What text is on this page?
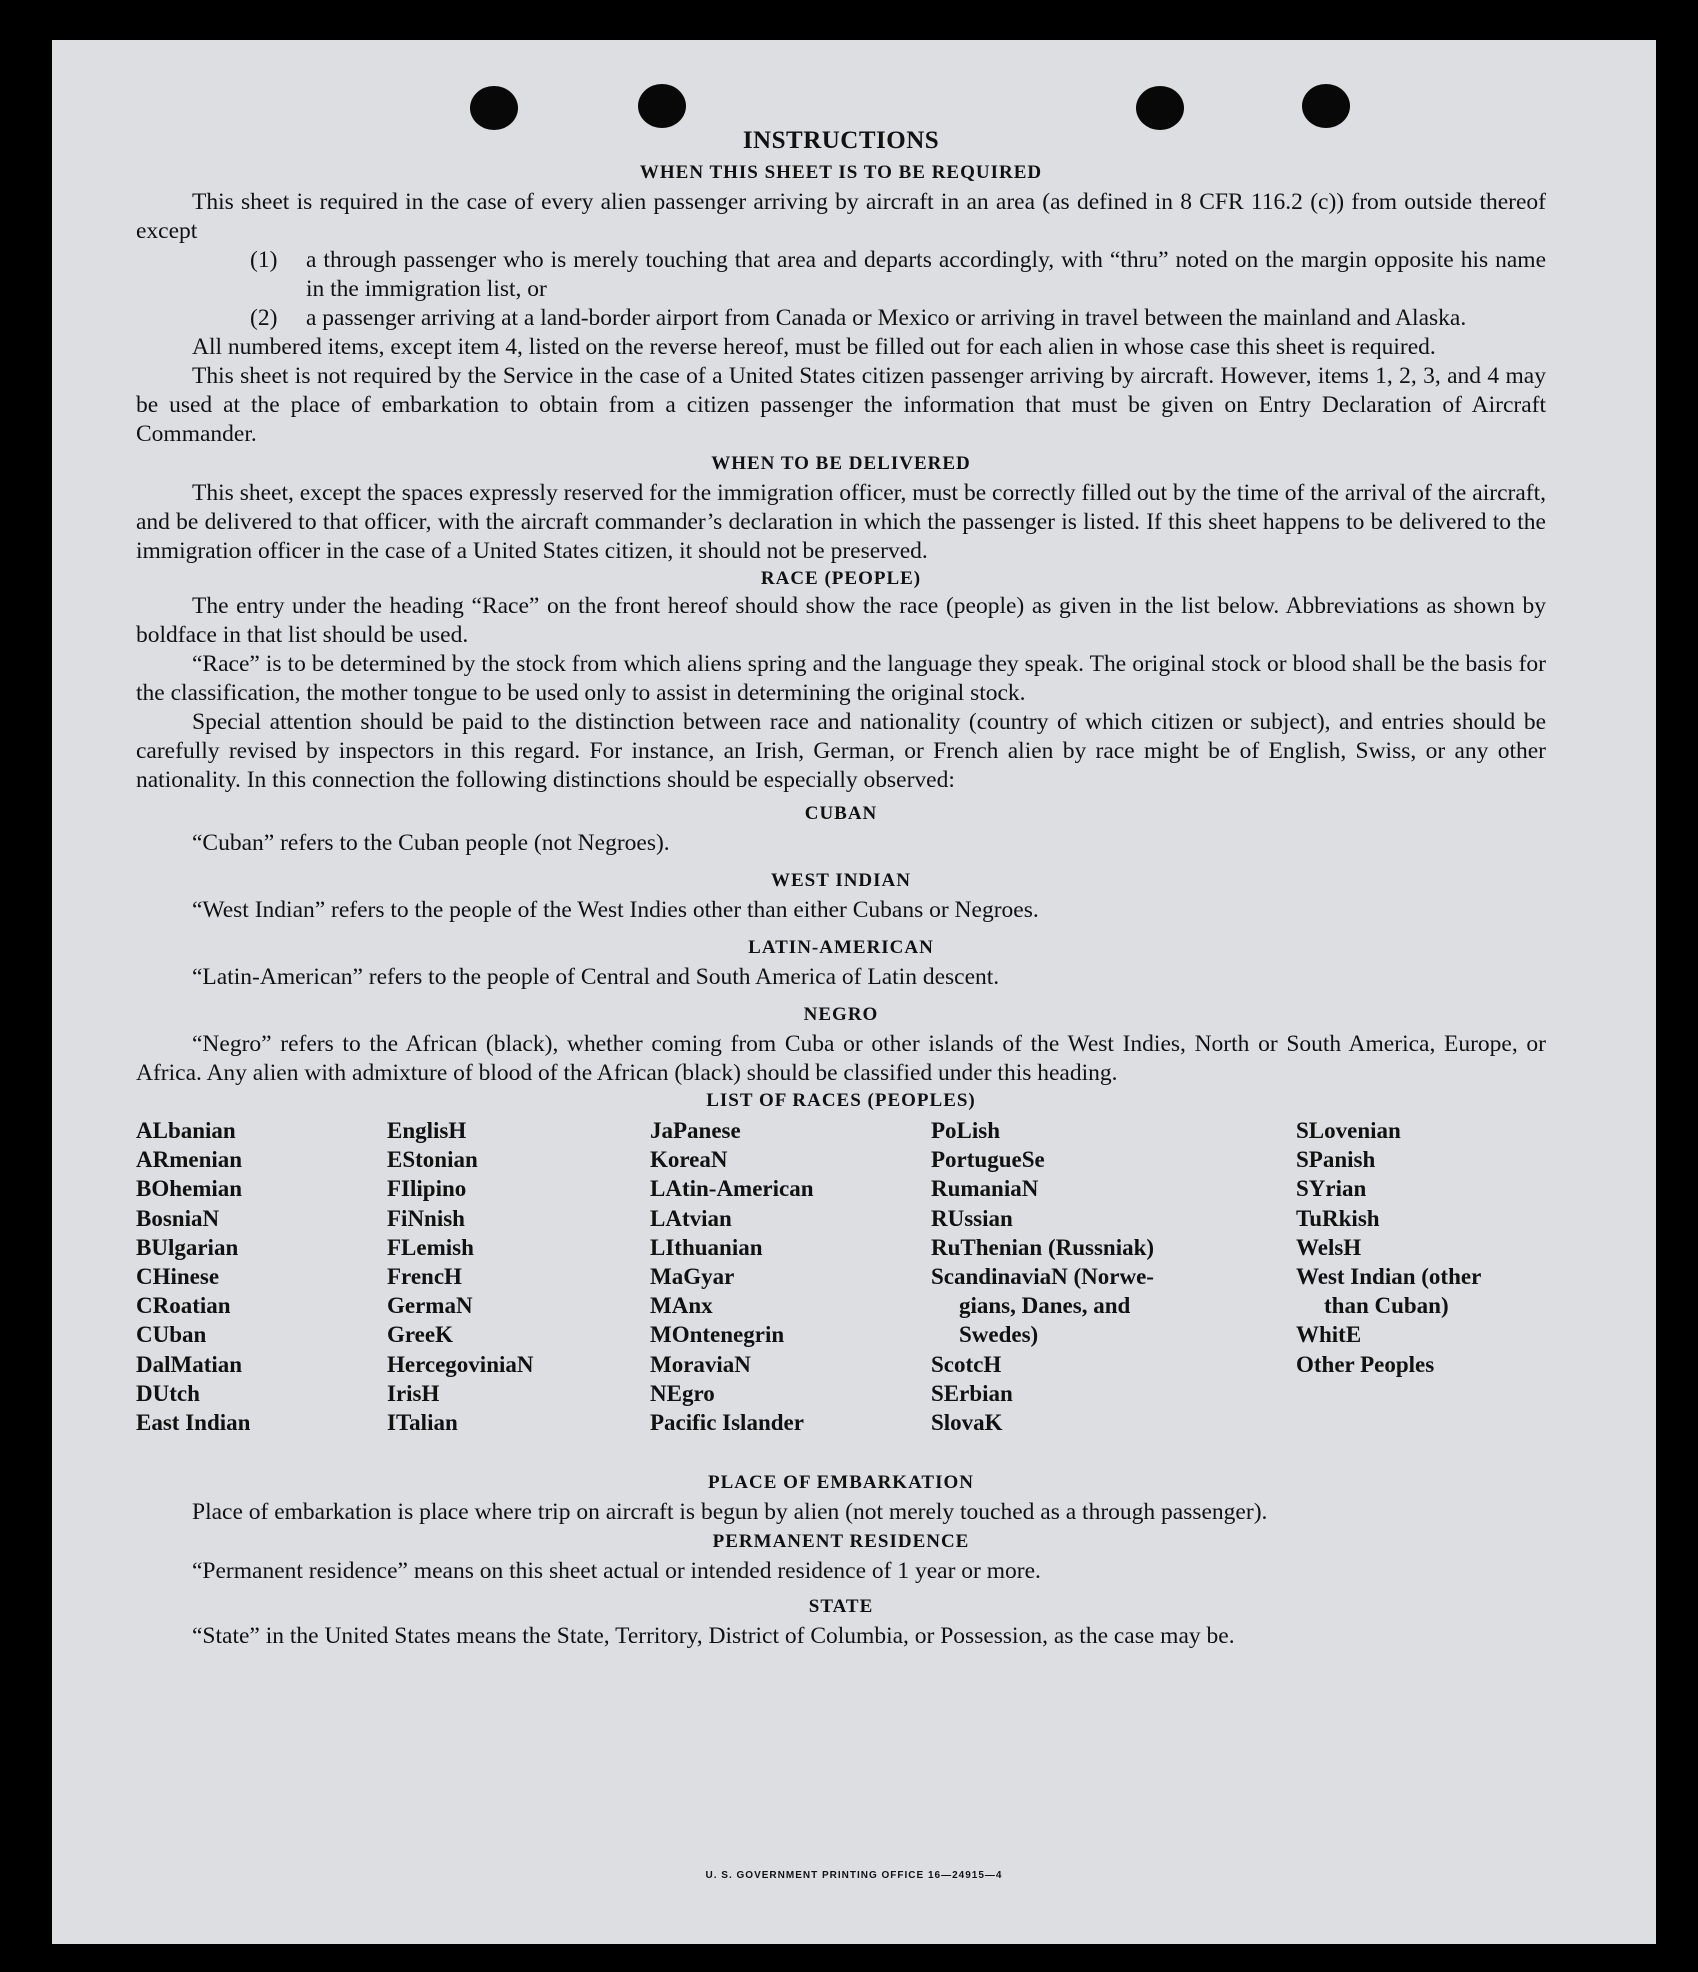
INSTRUCTIONS
WHEN THIS SHEET IS TO BE REQUIRED

This sheet is required in the case of every alien passenger arriving by aircraft in an area (as defined in 8 CFR 116.2 (c)) from outside thereof except

(1) a through passenger who is merely touching that area and departs accordingly, with “thru” noted on the margin opposite his name in the immigration list, or

(2) a passenger arriving at a land-border airport from Canada or Mexico or arriving in travel between the mainland and Alaska.

All numbered items, except item 4, listed on the reverse hereof, must be filled out for each alien in whose case this sheet is required.

This sheet is not required by the Service in the case of a United States citizen passenger arriving by aircraft. However, items 1, 2, 3, and 4 may be used at the place of embarkation to obtain from a citizen passenger the information that must be given on Entry Declaration of Aircraft Commander.

WHEN TO BE DELIVERED

This sheet, except the spaces expressly reserved for the immigration officer, must be correctly filled out by the time of the arrival of the aircraft, and be delivered to that officer, with the aircraft commander’s declaration in which the passenger is listed. If this sheet happens to be delivered to the immigration officer in the case of a United States citizen, it should not be preserved.

RACE (PEOPLE)

The entry under the heading “Race” on the front hereof should show the race (people) as given in the list below. Abbreviations as shown by boldface in that list should be used.

“Race” is to be determined by the stock from which aliens spring and the language they speak. The original stock or blood shall be the basis for the classification, the mother tongue to be used only to assist in determining the original stock.

Special attention should be paid to the distinction between race and nationality (country of which citizen or subject), and entries should be carefully revised by inspectors in this regard. For instance, an Irish, German, or French alien by race might be of English, Swiss, or any other nationality. In this connection the following distinctions should be especially observed:

CUBAN

“Cuban” refers to the Cuban people (not Negroes).

WEST INDIAN

“West Indian” refers to the people of the West Indies other than either Cubans or Negroes.

LATIN-AMERICAN

“Latin-American” refers to the people of Central and South America of Latin descent.

NEGRO

“Negro” refers to the African (black), whether coming from Cuba or other islands of the West Indies, North or South America, Europe, or Africa. Any alien with admixture of blood of the African (black) should be classified under this heading.

LIST OF RACES (PEOPLES)
ALbanian
ARmenian
BOhemian
BosniaN
BUlgarian
CHinese
CRoatian
CUban
DalMatian
DUtch
East Indian
EnglisH
EStonian
FIlipino
FiNnish
FLemish
FrencH
GermaN
GreeK
HercegoviniaN
IrisH
ITalian
JaPanese
KoreaN
LAtin-American
LAtvian
LIthuanian
MaGyar
MAnx
MOntenegrin
MoraviaN
NEgro
Pacific Islander
PoLish
PortugueSe
RumaniaN
RUssian
RuThenian (Russniak)
ScandinaviaN (Norwe-
gians, Danes, and
Swedes)
ScotcH
SErbian
SlovaK
SLovenian
SPanish
SYrian
TuRkish
WelsH
West Indian (other
than Cuban)
WhitE
Other Peoples
PLACE OF EMBARKATION

Place of embarkation is place where trip on aircraft is begun by alien (not merely touched as a through passenger).

PERMANENT RESIDENCE

“Permanent residence” means on this sheet actual or intended residence of 1 year or more.

STATE

“State” in the United States means the State, Territory, District of Columbia, or Possession, as the case may be.

U. S. GOVERNMENT PRINTING OFFICE 16—24915—4
